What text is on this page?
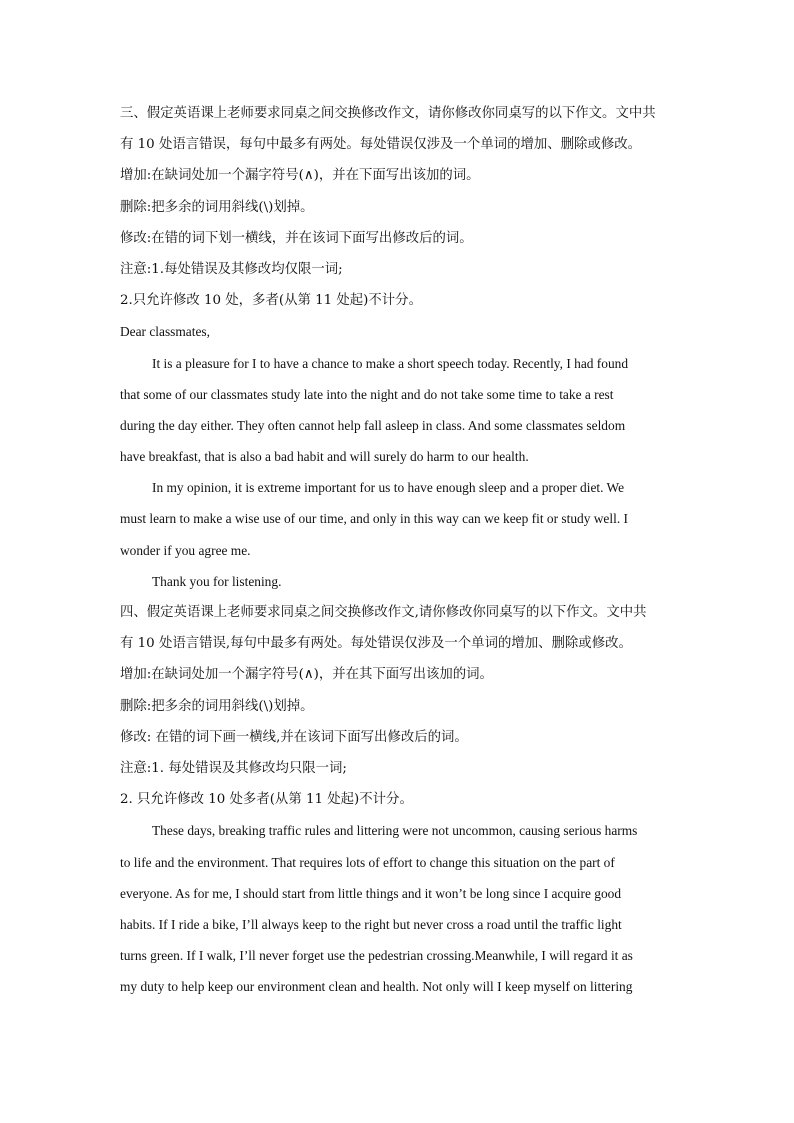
三、假定英语课上老师要求同桌之间交换修改作文，请你修改你同桌写的以下作文。文中共
有 10 处语言错误，每句中最多有两处。每处错误仅涉及一个单词的增加、删除或修改。
增加:在缺词处加一个漏字符号(∧)，并在下面写出该加的词。
删除:把多余的词用斜线(\)划掉。
修改:在错的词下划一横线，并在该词下面写出修改后的词。
注意:1.每处错误及其修改均仅限一词;
2.只允许修改 10 处，多者(从第 11 处起)不计分。
Dear classmates,
It is a pleasure for I to have a chance to make a short speech today. Recently, I had found
that some of our classmates study late into the night and do not take some time to take a rest
during the day either. They often cannot help fall asleep in class. And some classmates seldom
have breakfast, that is also a bad habit and will surely do harm to our health.
In my opinion, it is extreme important for us to have enough sleep and a proper diet. We
must learn to make a wise use of our time, and only in this way can we keep fit or study well. I
wonder if you agree me.
Thank you for listening.
四、假定英语课上老师要求同桌之间交换修改作文,请你修改你同桌写的以下作文。文中共
有 10 处语言错误,每句中最多有两处。每处错误仅涉及一个单词的增加、删除或修改。
增加:在缺词处加一个漏字符号(∧)，并在其下面写出该加的词。
删除:把多余的词用斜线(\)划掉。
修改: 在错的词下画一横线,并在该词下面写出修改后的词。
注意:1. 每处错误及其修改均只限一词;
2. 只允许修改 10 处多者(从第 11 处起)不计分。
These days, breaking traffic rules and littering were not uncommon, causing serious harms
to life and the environment. That requires lots of effort to change this situation on the part of
everyone. As for me, I should start from little things and it won’t be long since I acquire good
habits. If I ride a bike, I’ll always keep to the right but never cross a road until the traffic light
turns green. If I walk, I’ll never forget use the pedestrian crossing.Meanwhile, I will regard it as
my duty to help keep our environment clean and health. Not only will I keep myself on littering
